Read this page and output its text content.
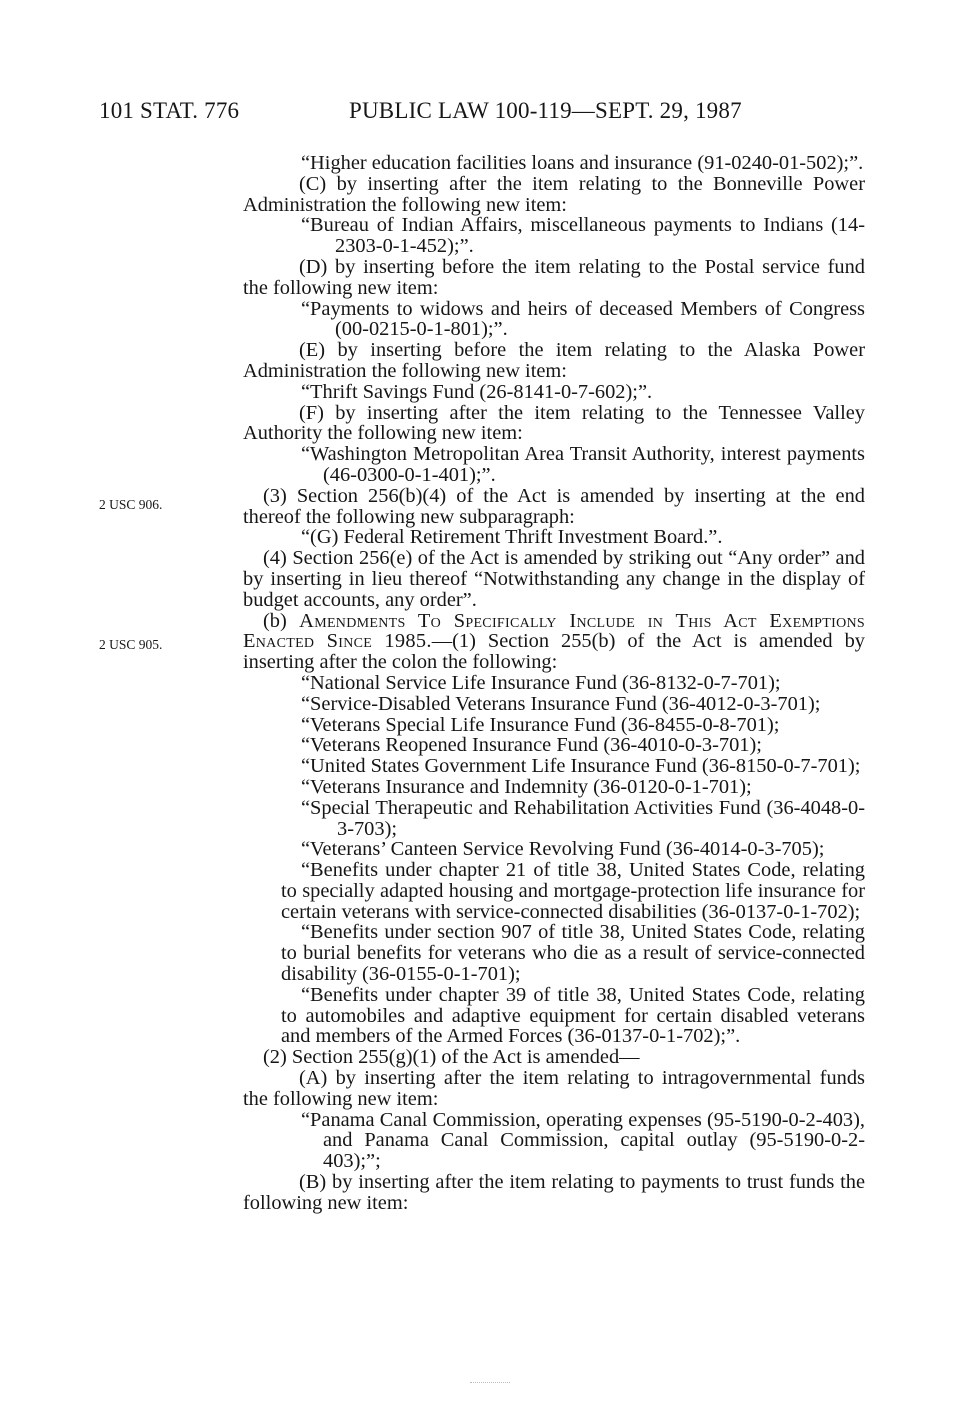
101 STAT. 776	PUBLIC LAW 100-119—SEPT. 29, 1987
2 USC 906.
2 USC 905.

“Higher education facilities loans and insurance (91-0240-01-502);”.

(C) by inserting after the item relating to the Bonneville Power Administration the following new item:

“Bureau of Indian Affairs, miscellaneous payments to Indians (14-2303-0-1-452);”.

(D) by inserting before the item relating to the Postal service fund the following new item:

“Payments to widows and heirs of deceased Members of Congress (00-0215-0-1-801);”.

(E) by inserting before the item relating to the Alaska Power Administration the following new item:

“Thrift Savings Fund (26-8141-0-7-602);”.

(F) by inserting after the item relating to the Tennessee Valley Authority the following new item:

“Washington Metropolitan Area Transit Authority, interest payments (46-0300-0-1-401);”.

(3) Section 256(b)(4) of the Act is amended by inserting at the end thereof the following new subparagraph:

“(G) Federal Retirement Thrift Investment Board.”.

(4) Section 256(e) of the Act is amended by striking out “Any order” and by inserting in lieu thereof “Notwithstanding any change in the display of budget accounts, any order”.

(b) Amendments To Specifically Include in This Act Exemptions Enacted Since 1985.—(1) Section 255(b) of the Act is amended by inserting after the colon the following:

“National Service Life Insurance Fund (36-8132-0-7-701);

“Service-Disabled Veterans Insurance Fund (36-4012-0-3-701);

“Veterans Special Life Insurance Fund (36-8455-0-8-701);

“Veterans Reopened Insurance Fund (36-4010-0-3-701);

“United States Government Life Insurance Fund (36-8150-0-7-701);

“Veterans Insurance and Indemnity (36-0120-0-1-701);

“Special Therapeutic and Rehabilitation Activities Fund (36-4048-0-3-703);

“Veterans’ Canteen Service Revolving Fund (36-4014-0-3-705);

“Benefits under chapter 21 of title 38, United States Code, relating to specially adapted housing and mortgage-protection life insurance for certain veterans with service-connected disabilities (36-0137-0-1-702);

“Benefits under section 907 of title 38, United States Code, relating to burial benefits for veterans who die as a result of service-connected disability (36-0155-0-1-701);

“Benefits under chapter 39 of title 38, United States Code, relating to automobiles and adaptive equipment for certain disabled veterans and members of the Armed Forces (36-0137-0-1-702);”.

(2) Section 255(g)(1) of the Act is amended—

(A) by inserting after the item relating to intragovernmental funds the following new item:

“Panama Canal Commission, operating expenses (95-5190-0-2-403), and Panama Canal Commission, capital outlay (95-5190-0-2-403);”;

(B) by inserting after the item relating to payments to trust funds the following new item:
